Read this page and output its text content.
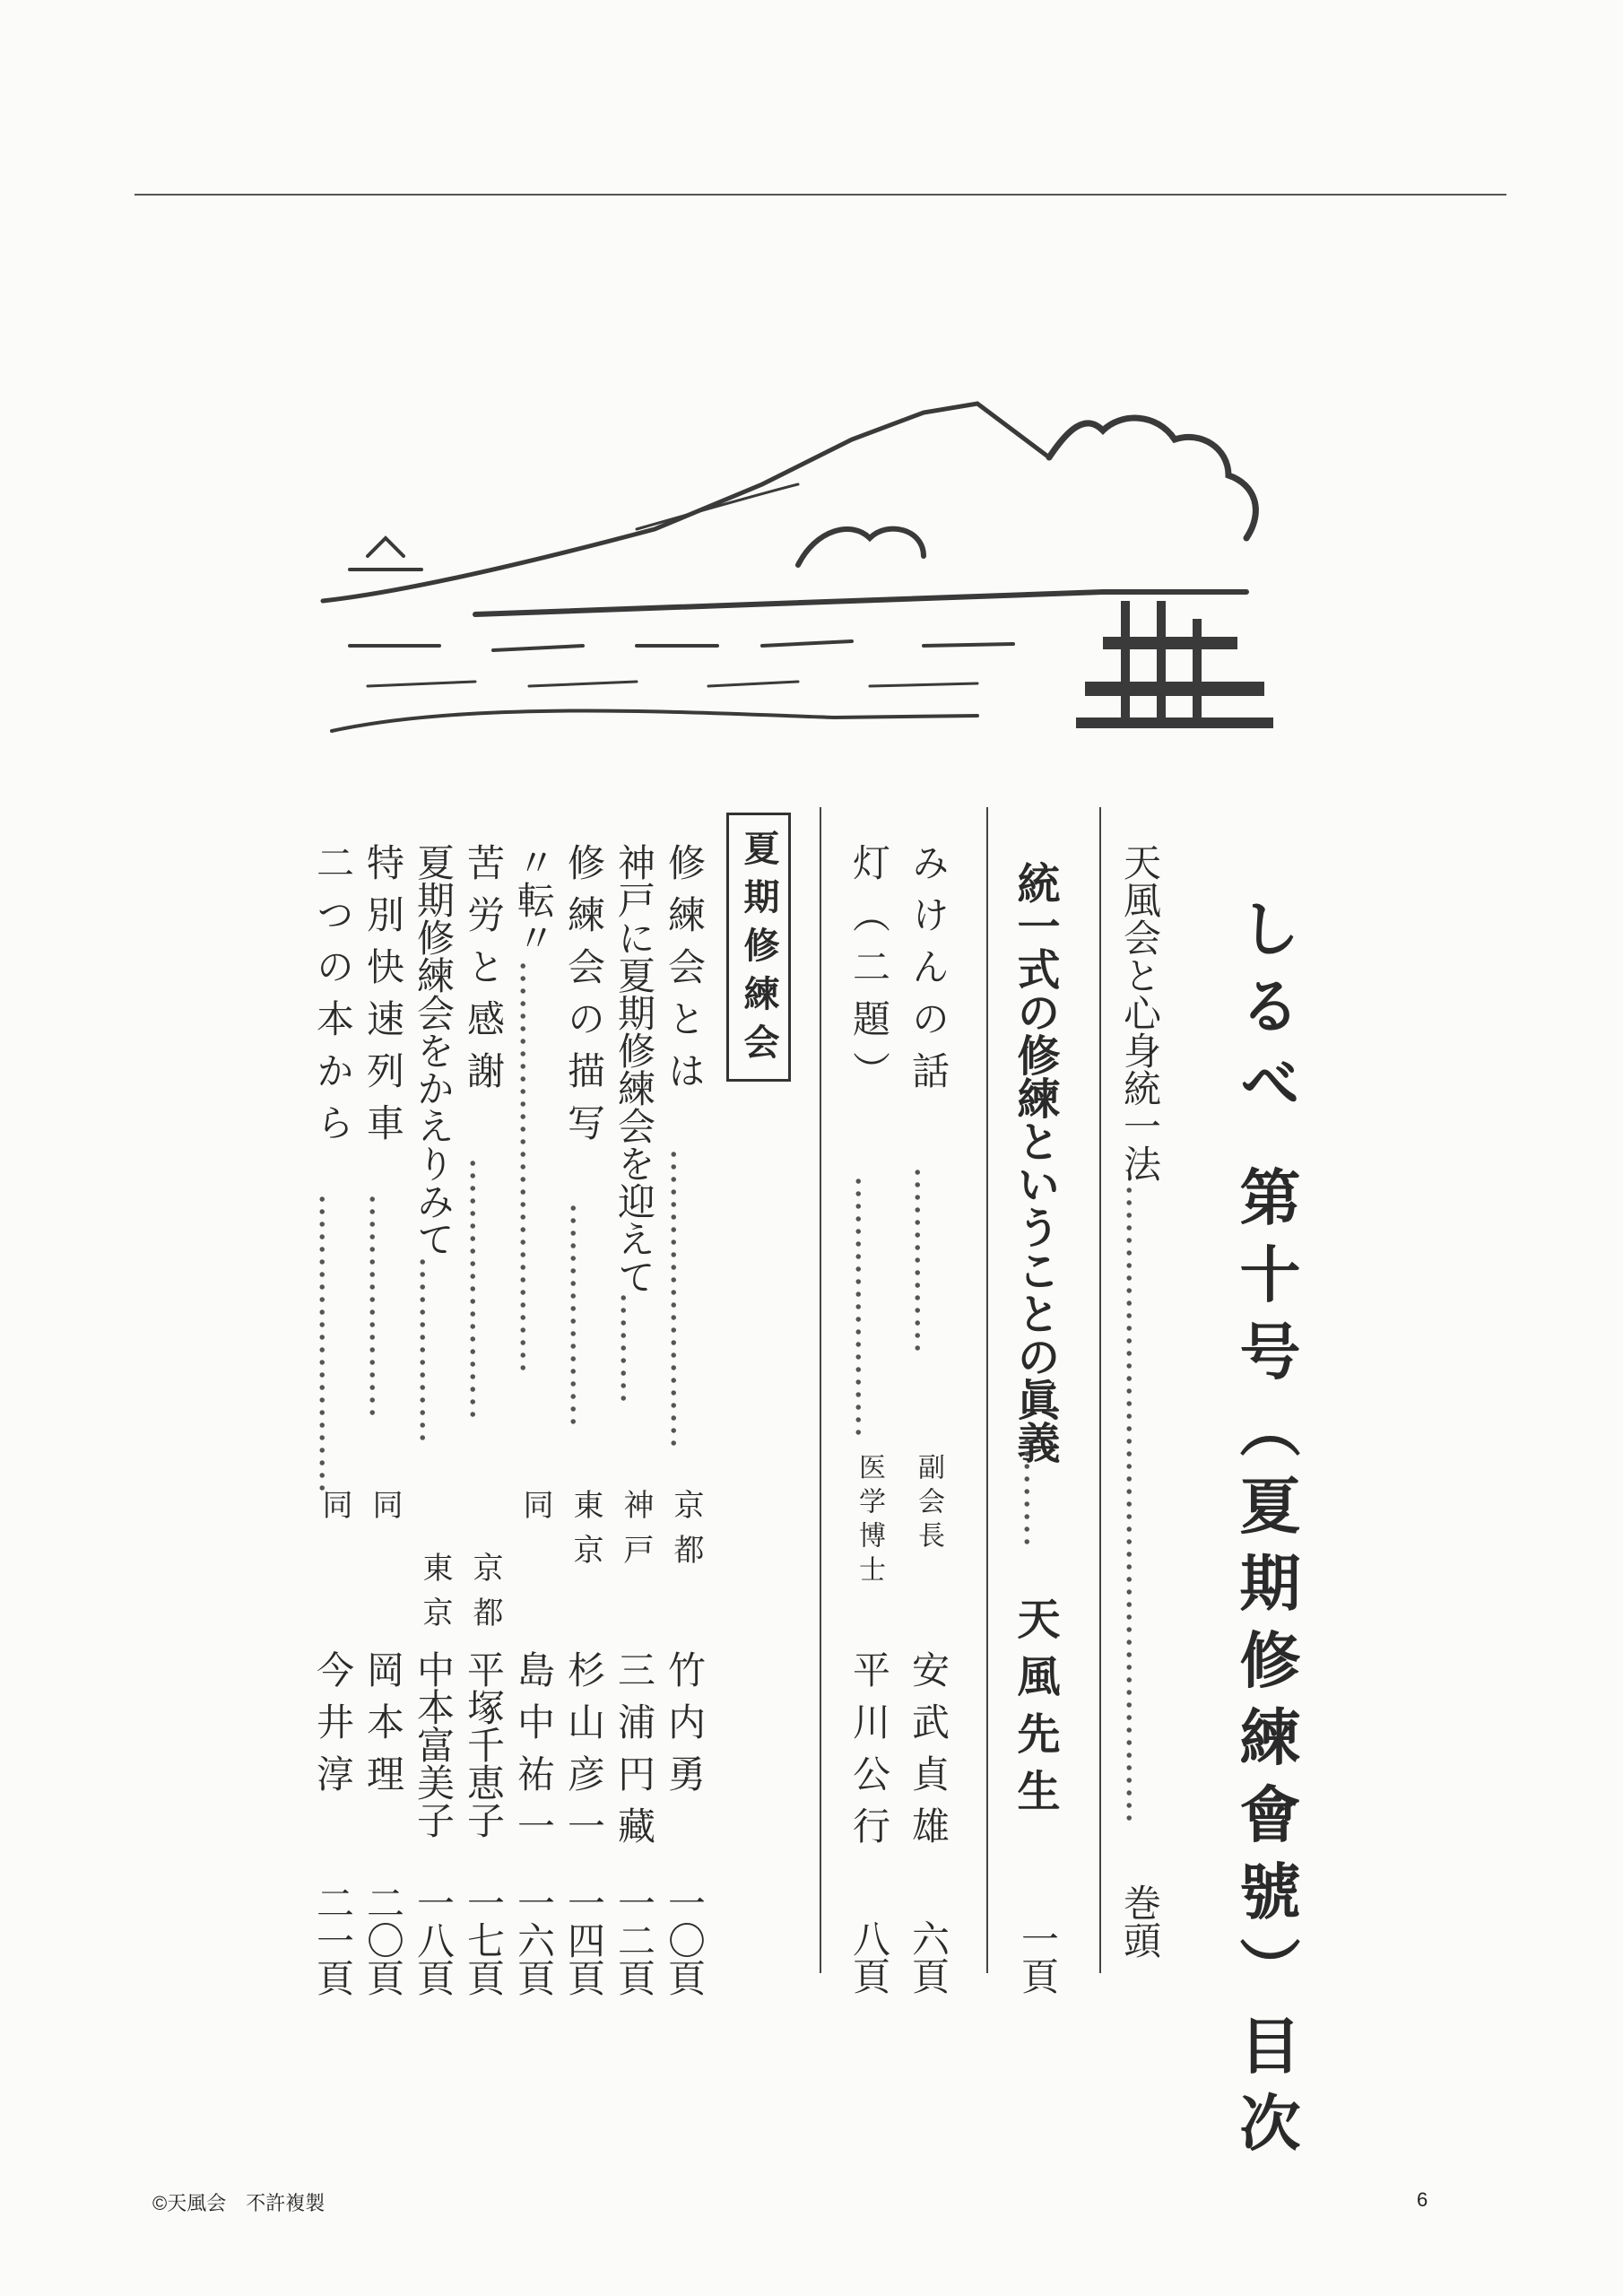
しるべ 第十号（夏期修練會號）目次
天風会と心身統一法
……………………………………………
巻頭
統一式の修練ということの眞義
………
天風先生
一頁
みけんの話
……………
副会長
安武貞雄
六頁
灯（二題）
…………………
医学博士
平川公行
八頁
夏期修練会
修練会とは
……………………
京都
竹内勇
一〇頁
神戸に夏期修練会を迎えて
………
神戸
三浦円藏
一二頁
修練会の描写
………………
東京
杉山彦一
一四頁
〃転〃
……………………………
同
島中祐一
一六頁
苦労と感謝
…………………
京都
平塚千恵子
一七頁
夏期修練会をかえりみて
……………
東京
中本富美子
一八頁
特別快速列車
………………
同
岡本理
二〇頁
二つの本から
……………………
同
今井淳
二一頁
©天風会　不許複製	6
